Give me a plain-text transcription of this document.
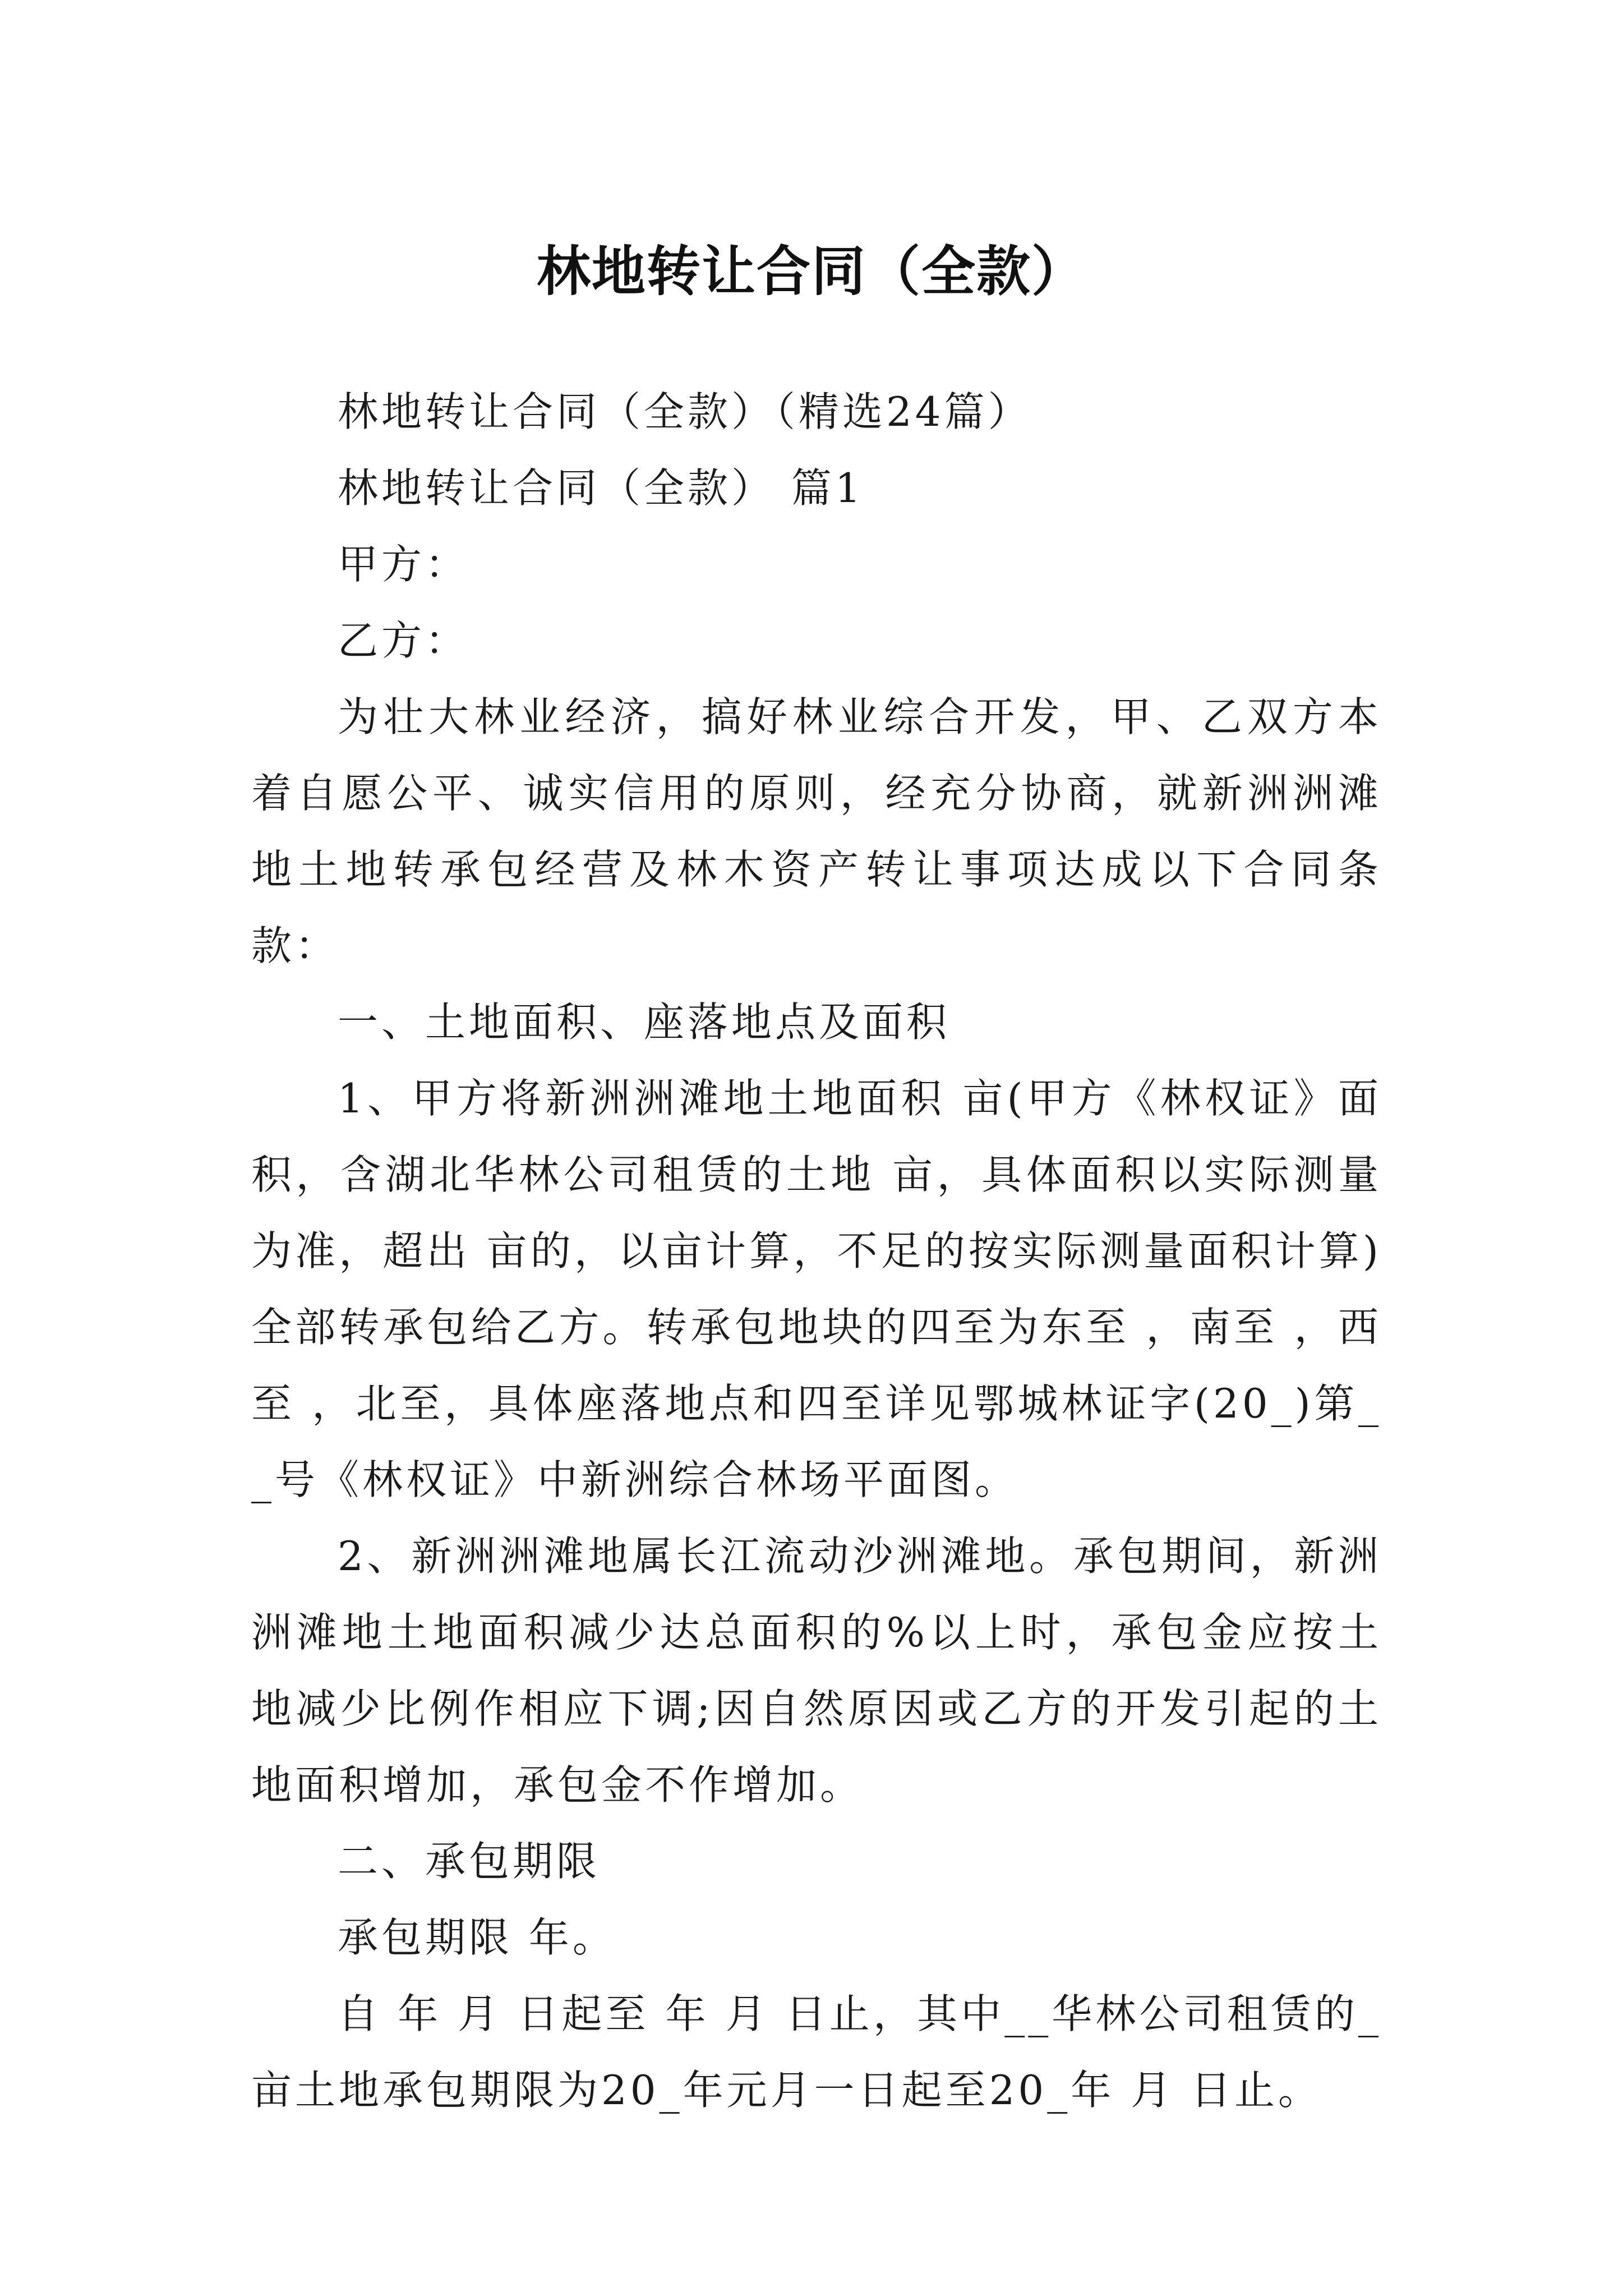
林地转让合同（全款）

林地转让合同（全款）（精选24篇）

林地转让合同（全款） 篇1

甲方：

乙方：

为壮大林业经济，搞好林业综合开发，甲、乙双方本着自愿公平、诚实信用的原则，经充分协商，就新洲洲滩地土地转承包经营及林木资产转让事项达成以下合同条款：

一、土地面积、座落地点及面积

1、甲方将新洲洲滩地土地面积 亩(甲方《林权证》面积，含湖北华林公司租赁的土地 亩，具体面积以实际测量为准，超出 亩的，以亩计算，不足的按实际测量面积计算)全部转承包给乙方。转承包地块的四至为东至 ，南至 ，西至 ，北至，具体座落地点和四至详见鄂城林证字(20_)第__号《林权证》中新洲综合林场平面图。

2、新洲洲滩地属长江流动沙洲滩地。承包期间，新洲洲滩地土地面积减少达总面积的%以上时，承包金应按土地减少比例作相应下调;因自然原因或乙方的开发引起的土地面积增加，承包金不作增加。

二、承包期限

承包期限 年。

自 年 月 日起至 年 月 日止，其中__华林公司租赁的_亩土地承包期限为20_年元月一日起至20_年 月 日止。
